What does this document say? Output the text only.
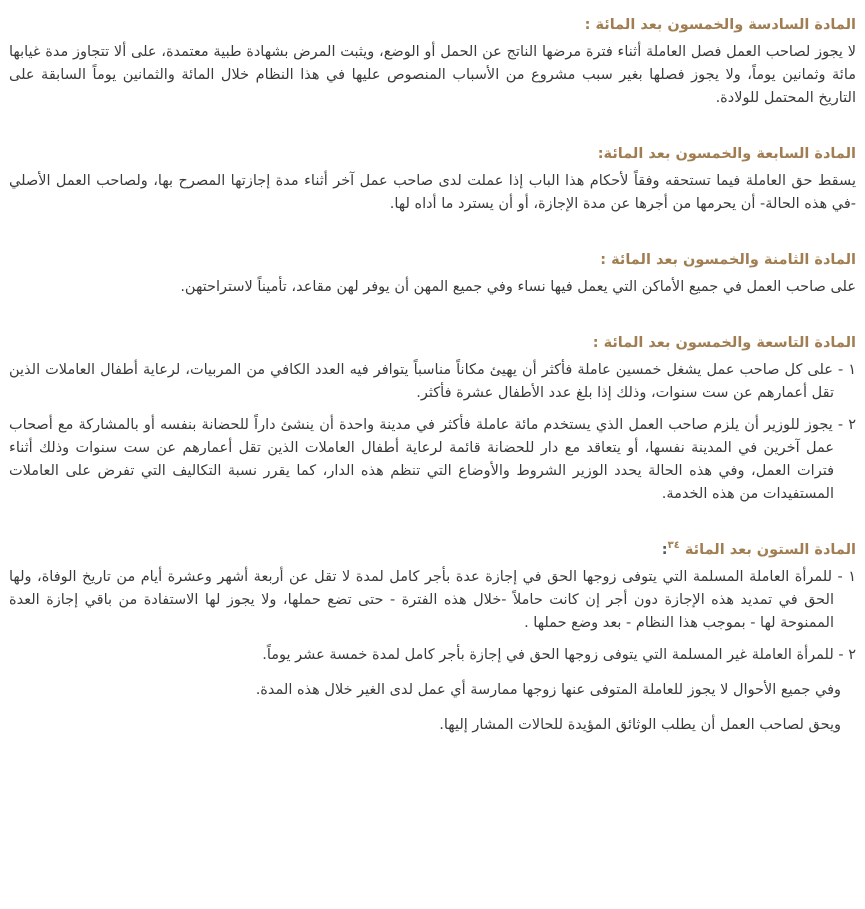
المادة السادسة والخمسون بعد المائة :

لا يجوز لصاحب العمل فصل العاملة أثناء فترة مرضها الناتج عن الحمل أو الوضع، ويثبت المرض بشهادة طبية معتمدة، على ألا تتجاوز مدة غيابها مائة وثمانين يوماً، ولا يجوز فصلها بغير سبب مشروع من الأسباب المنصوص عليها في هذا النظام خلال المائة والثمانين يوماً السابقة على التاريخ المحتمل للولادة.

المادة السابعة والخمسون بعد المائة:

يسقط حق العاملة فيما تستحقه وفقاً لأحكام هذا الباب إذا عملت لدى صاحب عمل آخر أثناء مدة إجازتها المصرح بها، ولصاحب العمل الأصلي -في هذه الحالة- أن يحرمها من أجرها عن مدة الإجازة، أو أن يسترد ما أداه لها.

المادة الثامنة والخمسون بعد المائة :

على صاحب العمل في جميع الأماكن التي يعمل فيها نساء وفي جميع المهن أن يوفر لهن مقاعد، تأميناً لاستراحتهن.

المادة التاسعة والخمسون بعد المائة :

١ - على كل صاحب عمل يشغل خمسين عاملة فأكثر أن يهيئ مكاناً مناسباً يتوافر فيه العدد الكافي من المربيات، لرعاية أطفال العاملات الذين تقل أعمارهم عن ست سنوات، وذلك إذا بلغ عدد الأطفال عشرة فأكثر.

٢ - يجوز للوزير أن يلزم صاحب العمل الذي يستخدم مائة عاملة فأكثر في مدينة واحدة أن ينشئ داراً للحضانة بنفسه أو بالمشاركة مع أصحاب عمل آخرين في المدينة نفسها، أو يتعاقد مع دار للحضانة قائمة لرعاية أطفال العاملات الذين تقل أعمارهم عن ست سنوات وذلك أثناء فترات العمل، وفي هذه الحالة يحدد الوزير الشروط والأوضاع التي تنظم هذه الدار، كما يقرر نسبة التكاليف التي تفرض على العاملات المستفيدات من هذه الخدمة.

المادة الستون بعد المائة $^{٣٤}$:

١ - للمرأة العاملة المسلمة التي يتوفى زوجها الحق في إجازة عدة بأجر كامل لمدة لا تقل عن أربعة أشهر وعشرة أيام من تاريخ الوفاة، ولها الحق في تمديد هذه الإجازة دون أجر إن كانت حاملاً -خلال هذه الفترة - حتى تضع حملها، ولا يجوز لها الاستفادة من باقي إجازة العدة الممنوحة لها - بموجب هذا النظام - بعد وضع حملها .

٢ - للمرأة العاملة غير المسلمة التي يتوفى زوجها الحق في إجازة بأجر كامل لمدة خمسة عشر يوماً.

وفي جميع الأحوال لا يجوز للعاملة المتوفى عنها زوجها ممارسة أي عمل لدى الغير خلال هذه المدة.

ويحق لصاحب العمل أن يطلب الوثائق المؤيدة للحالات المشار إليها.
